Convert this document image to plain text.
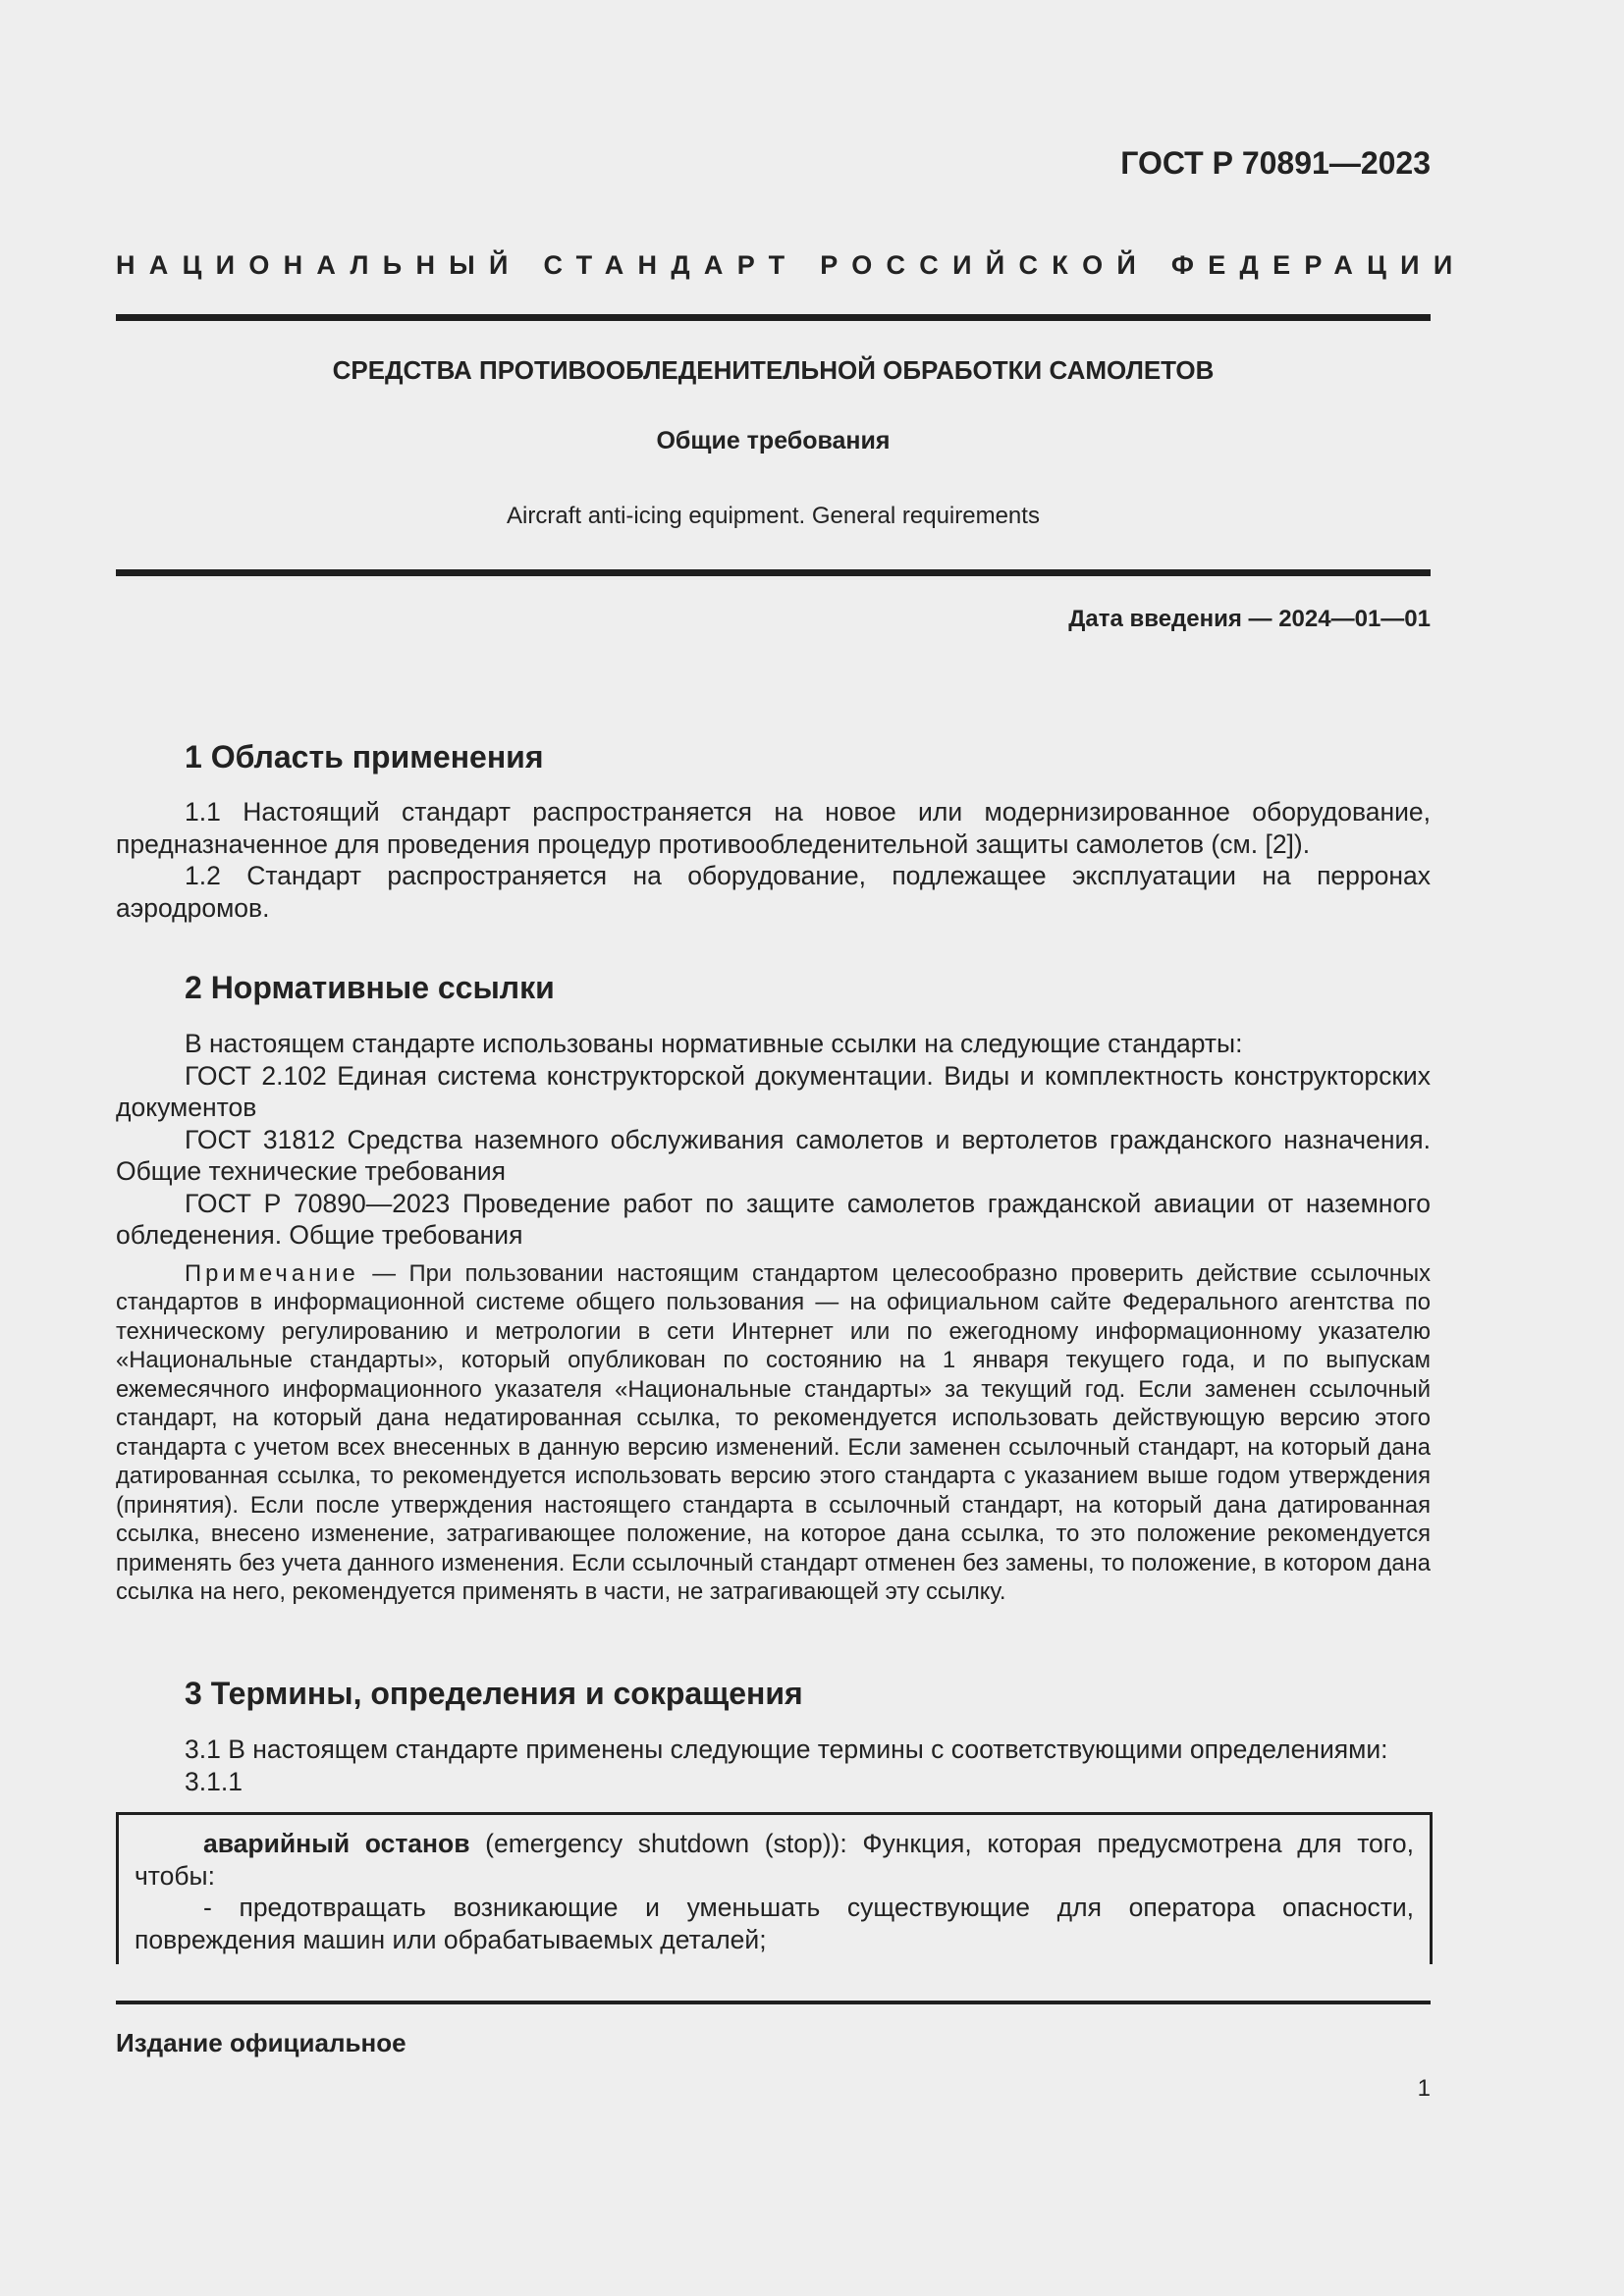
ГОСТ Р 70891—2023
НАЦИОНАЛЬНЫЙ СТАНДАРТ РОССИЙСКОЙ ФЕДЕРАЦИИ
СРЕДСТВА ПРОТИВООБЛЕДЕНИТЕЛЬНОЙ ОБРАБОТКИ САМОЛЕТОВ
Общие требования
Aircraft anti-icing equipment. General requirements
Дата введения — 2024—01—01
1 Область применения

1.1 Настоящий стандарт распространяется на новое или модернизированное оборудование, предназначенное для проведения процедур противообледенительной защиты самолетов (см. [2]).

1.2 Стандарт распространяется на оборудование, подлежащее эксплуатации на перронах аэродромов.

2 Нормативные ссылки

В настоящем стандарте использованы нормативные ссылки на следующие стандарты:

ГОСТ 2.102 Единая система конструкторской документации. Виды и комплектность конструкторских документов

ГОСТ 31812 Средства наземного обслуживания самолетов и вертолетов гражданского назначения. Общие технические требования

ГОСТ Р 70890—2023 Проведение работ по защите самолетов гражданской авиации от наземного обледенения. Общие требования

Примечание — При пользовании настоящим стандартом целесообразно проверить действие ссылочных стандартов в информационной системе общего пользования — на официальном сайте Федерального агентства по техническому регулированию и метрологии в сети Интернет или по ежегодному информационному указателю «Национальные стандарты», который опубликован по состоянию на 1 января текущего года, и по выпускам ежемесячного информационного указателя «Национальные стандарты» за текущий год. Если заменен ссылочный стандарт, на который дана недатированная ссылка, то рекомендуется использовать действующую версию этого стандарта с учетом всех внесенных в данную версию изменений. Если заменен ссылочный стандарт, на который дана датированная ссылка, то рекомендуется использовать версию этого стандарта с указанием выше годом утверждения (принятия). Если после утверждения настоящего стандарта в ссылочный стандарт, на который дана датированная ссылка, внесено изменение, затрагивающее положение, на которое дана ссылка, то это положение рекомендуется применять без учета данного изменения. Если ссылочный стандарт отменен без замены, то положение, в котором дана ссылка на него, рекомендуется применять в части, не затрагивающей эту ссылку.

3 Термины, определения и сокращения

3.1 В настоящем стандарте применены следующие термины с соответствующими определениями:

3.1.1

аварийный останов (emergency shutdown (stop)): Функция, которая предусмотрена для того, чтобы:

- предотвращать возникающие и уменьшать существующие для оператора опасности, повреждения машин или обрабатываемых деталей;

Издание официальное
1
